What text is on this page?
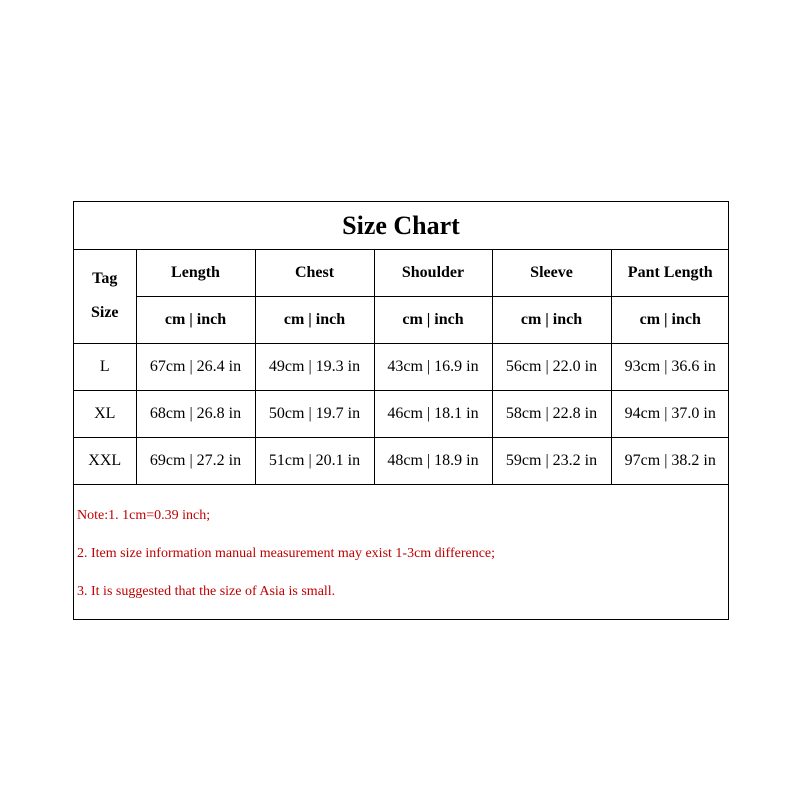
Size Chart
Tag
Size	Length	Chest	Shoulder	Sleeve	Pant Length
	cm | inch	cm | inch	cm | inch	cm | inch	cm | inch
L	67cm | 26.4 in	49cm | 19.3 in	43cm | 16.9 in	56cm | 22.0 in	93cm | 36.6 in
XL	68cm | 26.8 in	50cm | 19.7 in	46cm | 18.1 in	58cm | 22.8 in	94cm | 37.0 in
XXL	69cm | 27.2 in	51cm | 20.1 in	48cm | 18.9 in	59cm | 23.2 in	97cm | 38.2 in
Note:1. 1cm=0.39 inch;
2. Item size information manual measurement may exist 1-3cm difference;
3. It is suggested that the size of Asia is small.
